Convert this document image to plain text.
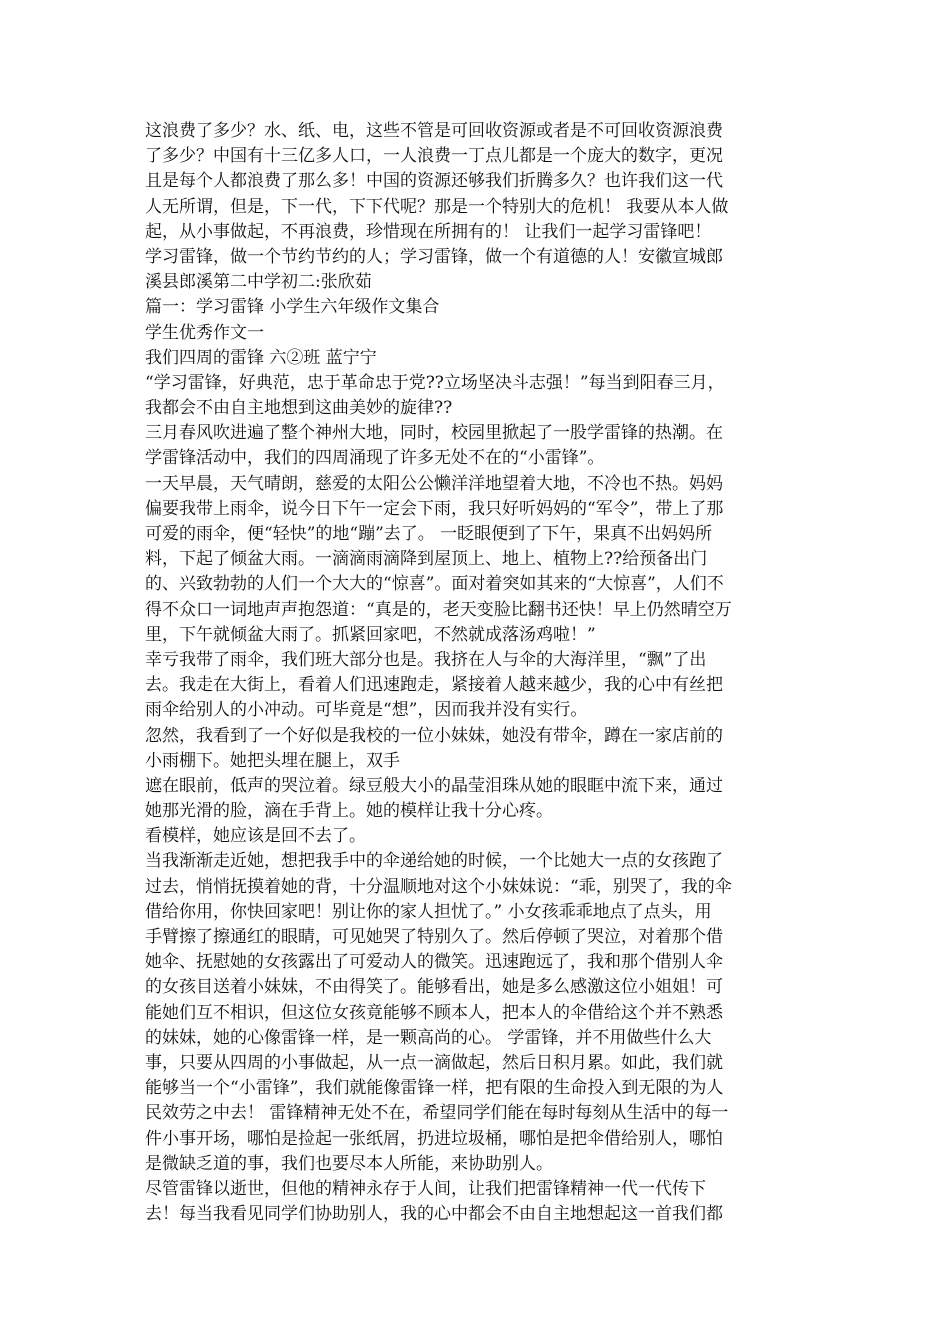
这浪费了多少？水、纸、电，这些不管是可回收资源或者是不可回收资源浪费
了多少？中国有十三亿多人口，一人浪费一丁点儿都是一个庞大的数字，更况
且是每个人都浪费了那么多！中国的资源还够我们折腾多久？也许我们这一代
人无所谓，但是，下一代，下下代呢？那是一个特别大的危机！ 我要从本人做
起，从小事做起，不再浪费，珍惜现在所拥有的！ 让我们一起学习雷锋吧！
学习雷锋，做一个节约节约的人；学习雷锋，做一个有道德的人！安徽宣城郎
溪县郎溪第二中学初二:张欣茹
篇一：学习雷锋 小学生六年级作文集合
学生优秀作文一
我们四周的雷锋 六②班 蓝宁宁
“学习雷锋，好典范，忠于革命忠于党??立场坚决斗志强！”每当到阳春三月，
我都会不由自主地想到这曲美妙的旋律??
三月春风吹进遍了整个神州大地，同时，校园里掀起了一股学雷锋的热潮。在
学雷锋活动中，我们的四周涌现了许多无处不在的“小雷锋”。
一天早晨，天气晴朗，慈爱的太阳公公懒洋洋地望着大地，不冷也不热。妈妈
偏要我带上雨伞，说今日下午一定会下雨，我只好听妈妈的“军令”，带上了那
可爱的雨伞，便“轻快”的地“蹦”去了。 一眨眼便到了下午，果真不出妈妈所
料，下起了倾盆大雨。一滴滴雨滴降到屋顶上、地上、植物上??给预备出门
的、兴致勃勃的人们一个大大的“惊喜”。面对着突如其来的“大惊喜”，人们不
得不众口一词地声声抱怨道：“真是的，老天变脸比翻书还快！早上仍然晴空万
里，下午就倾盆大雨了。抓紧回家吧，不然就成落汤鸡啦！”
幸亏我带了雨伞，我们班大部分也是。我挤在人与伞的大海洋里，“飘”了出
去。我走在大街上，看着人们迅速跑走，紧接着人越来越少，我的心中有丝把
雨伞给别人的小冲动。可毕竟是“想”，因而我并没有实行。
忽然，我看到了一个好似是我校的一位小妹妹，她没有带伞，蹲在一家店前的
小雨棚下。她把头埋在腿上，双手
遮在眼前，低声的哭泣着。绿豆般大小的晶莹泪珠从她的眼眶中流下来，通过
她那光滑的脸，滴在手背上。她的模样让我十分心疼。
看模样，她应该是回不去了。
当我渐渐走近她，想把我手中的伞递给她的时候，一个比她大一点的女孩跑了
过去，悄悄抚摸着她的背，十分温顺地对这个小妹妹说：“乖，别哭了，我的伞
借给你用，你快回家吧！别让你的家人担忧了。” 小女孩乖乖地点了点头，用
手臂擦了擦通红的眼睛，可见她哭了特别久了。然后停顿了哭泣，对着那个借
她伞、抚慰她的女孩露出了可爱动人的微笑。迅速跑远了，我和那个借别人伞
的女孩目送着小妹妹，不由得笑了。能够看出，她是多么感激这位小姐姐！可
能她们互不相识，但这位女孩竟能够不顾本人，把本人的伞借给这个并不熟悉
的妹妹，她的心像雷锋一样，是一颗高尚的心。 学雷锋，并不用做些什么大
事，只要从四周的小事做起，从一点一滴做起，然后日积月累。如此，我们就
能够当一个“小雷锋”，我们就能像雷锋一样，把有限的生命投入到无限的为人
民效劳之中去！ 雷锋精神无处不在，希望同学们能在每时每刻从生活中的每一
件小事开场，哪怕是捡起一张纸屑，扔进垃圾桶，哪怕是把伞借给别人，哪怕
是微缺乏道的事，我们也要尽本人所能，来协助别人。
尽管雷锋以逝世，但他的精神永存于人间，让我们把雷锋精神一代一代传下
去！每当我看见同学们协助别人，我的心中都会不由自主地想起这一首我们都
